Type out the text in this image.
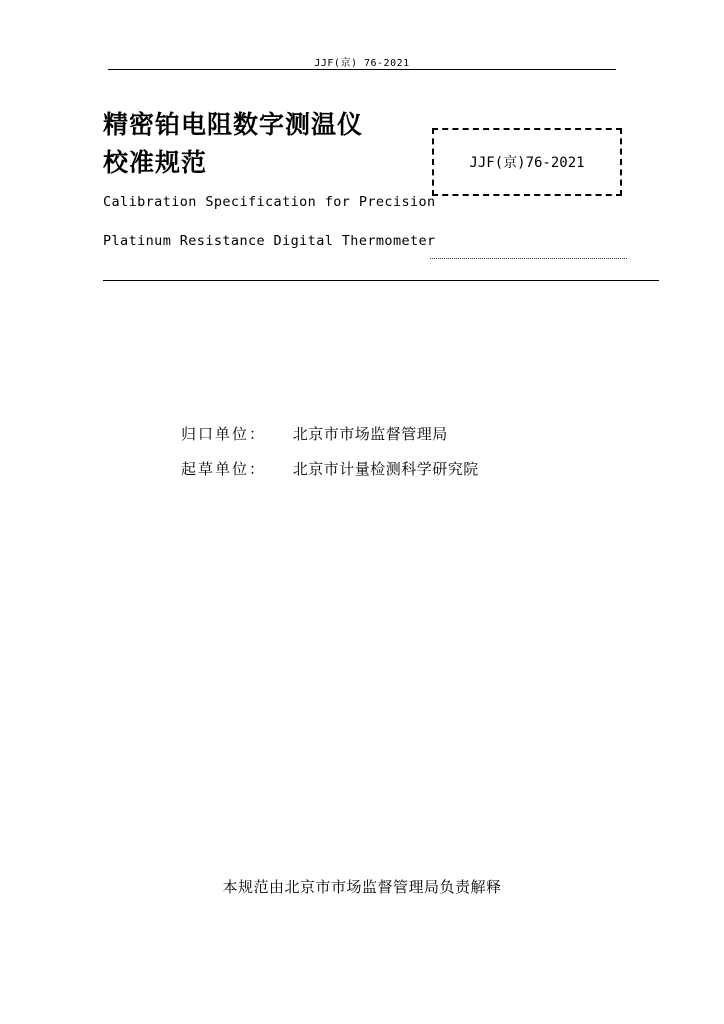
JJF(京) 76-2021
精密铂电阻数字测温仪
校准规范	JJF(京)76-2021
Calibration Specification for Precision
Platinum Resistance Digital Thermometer
归口单位： 北京市市场监督管理局
起草单位： 北京市计量检测科学研究院
本规范由北京市市场监督管理局负责解释
